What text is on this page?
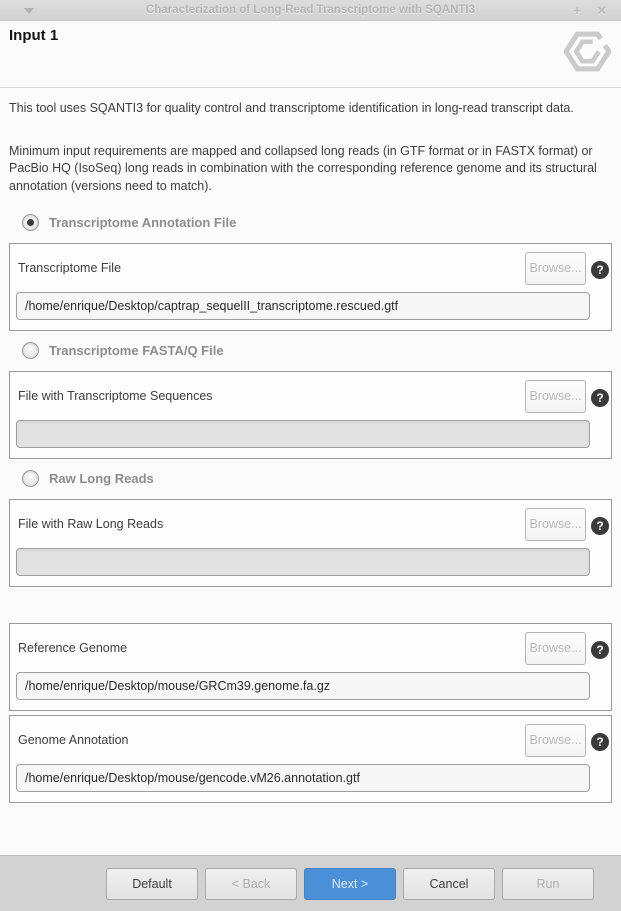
Characterization of Long-Read Transcriptome with SQANTI3	+ ✕
Input 1

This tool uses SQANTI3 for quality control and transcriptome identification in long-read transcript data.

Minimum input requirements are mapped and collapsed long reads (in GTF format or in FASTX format) or PacBio HQ (IsoSeq) long reads in combination with the corresponding reference genome and its structural annotation (versions need to match).

Transcriptome Annotation File
Transcriptome File	Browse...	?
/home/enrique/Desktop/captrap_sequelII_transcriptome.rescued.gtf
Transcriptome FASTA/Q File
File with Transcriptome Sequences	Browse...	?
Raw Long Reads
File with Raw Long Reads	Browse...	?
Reference Genome	Browse...	?
/home/enrique/Desktop/mouse/GRCm39.genome.fa.gz
Genome Annotation	Browse...	?
/home/enrique/Desktop/mouse/gencode.vM26.annotation.gtf
Default	< Back	Next >	Cancel	Run
